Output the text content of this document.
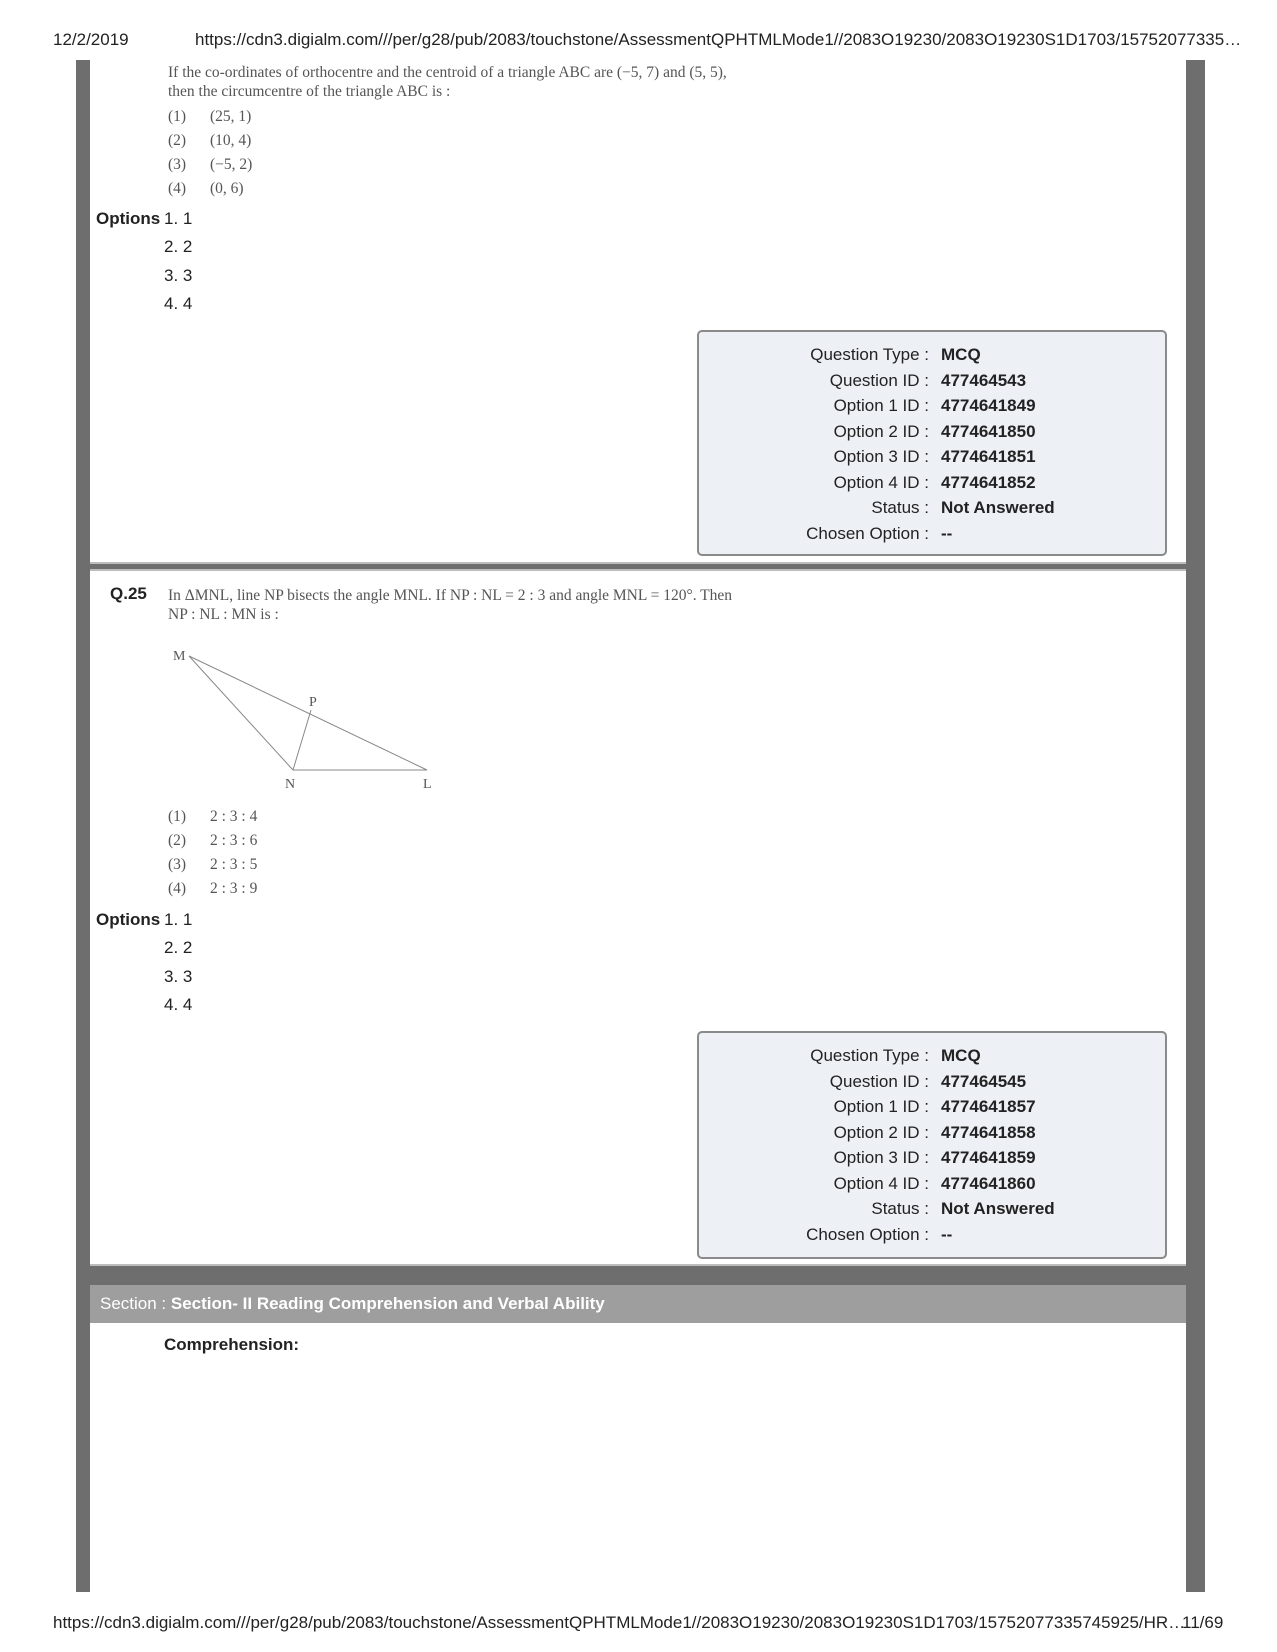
12/2/2019	https://cdn3.digialm.com///per/g28/pub/2083/touchstone/AssessmentQPHTMLMode1//2083O19230/2083O19230S1D1703/15752077335…
If the co-ordinates of orthocentre and the centroid of a triangle ABC are (−5, 7) and (5, 5),
then the circumcentre of the triangle ABC is :
(1) (25, 1)
(2) (10, 4)
(3) (−5, 2)
(4) (0, 6)
Options 1. 1
2. 2
3. 3
4. 4
Question Type : MCQ
Question ID : 477464543
Option 1 ID : 4774641849
Option 2 ID : 4774641850
Option 3 ID : 4774641851
Option 4 ID : 4774641852
Status : Not Answered
Chosen Option : --
Q.25 In ΔMNL, line NP bisects the angle MNL. If NP : NL = 2 : 3 and angle MNL = 120°. Then
NP : NL : MN is :
M
P
N	L
(1) 2 : 3 : 4
(2) 2 : 3 : 6
(3) 2 : 3 : 5
(4) 2 : 3 : 9
Options 1. 1
2. 2
3. 3
4. 4
Question Type : MCQ
Question ID : 477464545
Option 1 ID : 4774641857
Option 2 ID : 4774641858
Option 3 ID : 4774641859
Option 4 ID : 4774641860
Status : Not Answered
Chosen Option : --
Section : Section- II Reading Comprehension and Verbal Ability
Comprehension:
https://cdn3.digialm.com///per/g28/pub/2083/touchstone/AssessmentQPHTMLMode1//2083O19230/2083O19230S1D1703/15752077335745925/HR…
11/69
